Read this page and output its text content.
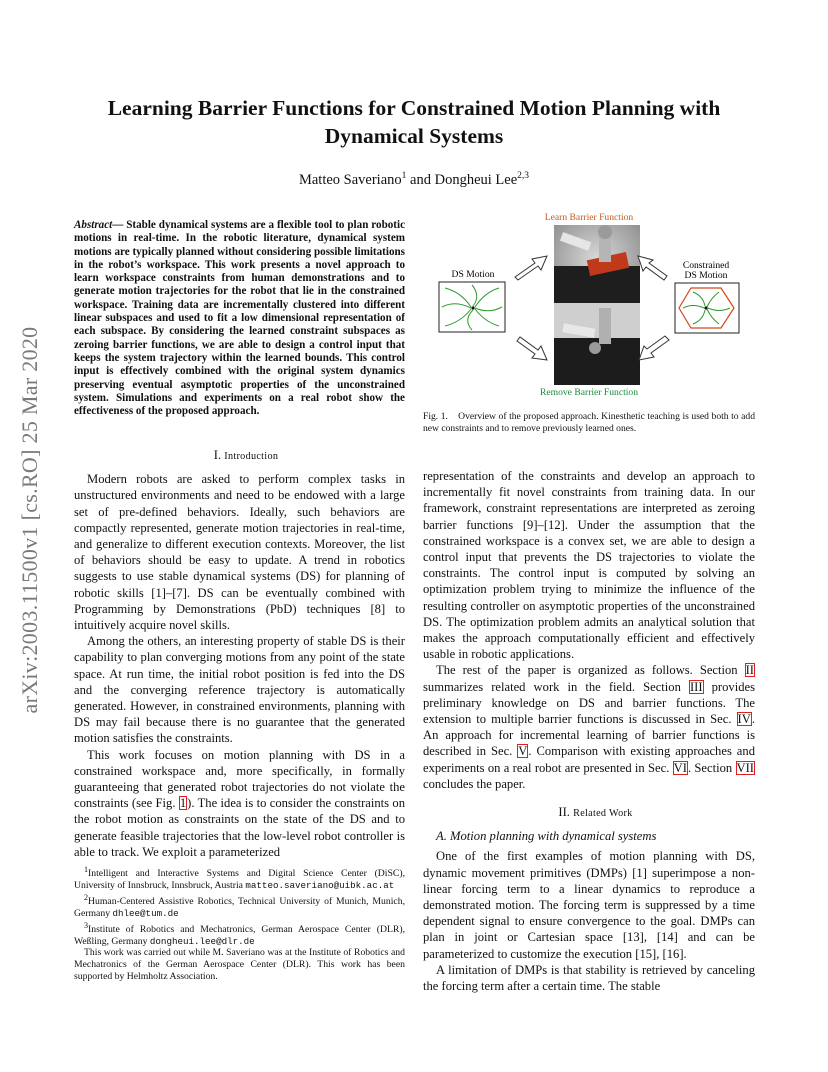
Learning Barrier Functions for Constrained Motion Planning with Dynamical Systems
Matteo Saveriano$^1$ and Dongheui Lee$^{2,3}$
arXiv:2003.11500v1 [cs.RO] 25 Mar 2020
Abstract— Stable dynamical systems are a flexible tool to plan robotic motions in real-time. In the robotic literature, dynamical system motions are typically planned without considering possible limitations in the robot’s workspace. This work presents a novel approach to learn workspace constraints from human demonstrations and to generate motion trajectories for the robot that lie in the constrained workspace. Training data are incrementally clustered into different linear subspaces and used to fit a low dimensional representation of each subspace. By considering the learned constraint subspaces as zeroing barrier functions, we are able to design a control input that keeps the system trajectory within the learned bounds. This control input is effectively combined with the original system dynamics preserving eventual asymptotic properties of the unconstrained system. Simulations and experiments on a real robot show the effectiveness of the proposed approach.
Learn Barrier Function
Remove Barrier Function
DS Motion
Constrained
DS Motion
Fig. 1. Overview of the proposed approach. Kinesthetic teaching is used both to add new constraints and to remove previously learned ones.

I. Introduction

Modern robots are asked to perform complex tasks in unstructured environments and need to be endowed with a large set of pre-defined behaviors. Ideally, such behaviors are compactly represented, generate motion trajectories in real-time, and generalize to different execution contexts. Moreover, the list of behaviors should be easy to update. A trend in robotics suggests to use stable dynamical systems (DS) for planning of robotic skills [1]–[7]. DS can be eventually combined with Programming by Demonstrations (PbD) techniques [8] to intuitively acquire novel skills.

Among the others, an interesting property of stable DS is their capability to plan converging motions from any point of the state space. At run time, the initial robot position is fed into the DS and the converging reference trajectory is automatically generated. However, in constrained environments, planning with DS may fail because there is no guarantee that the generated motion satisfies the constraints.

This work focuses on motion planning with DS in a constrained workspace and, more specifically, in formally guaranteeing that generated robot trajectories do not violate the constraints (see Fig. 1). The idea is to consider the constraints on the robot motion as constraints on the state of the DS and to generate feasible trajectories that the low-level robot controller is able to track. We exploit a parameterized

$^1$Intelligent and Interactive Systems and Digital Science Center (DiSC), University of Innsbruck, Innsbruck, Austria matteo.saveriano@uibk.ac.at

$^2$Human-Centered Assistive Robotics, Technical University of Munich, Munich, Germany dhlee@tum.de

$^3$Institute of Robotics and Mechatronics, German Aerospace Center (DLR), Weßling, Germany dongheui.lee@dlr.de

This work was carried out while M. Saveriano was at the Institute of Robotics and Mechatronics of the German Aerospace Center (DLR). This work has been supported by Helmholtz Association.

representation of the constraints and develop an approach to incrementally fit novel constraints from training data. In our framework, constraint representations are interpreted as zeroing barrier functions [9]–[12]. Under the assumption that the constrained workspace is a convex set, we are able to design a control input that prevents the DS trajectories to violate the constraints. The control input is computed by solving an optimization problem trying to minimize the influence of the resulting controller on asymptotic properties of the unconstrained DS. The optimization problem admits an analytical solution that makes the approach computationally efficient and effectively usable in robotic applications.

The rest of the paper is organized as follows. Section II summarizes related work in the field. Section III provides preliminary knowledge on DS and barrier functions. The extension to multiple barrier functions is discussed in Sec. IV. An approach for incremental learning of barrier functions is described in Sec. V. Comparison with existing approaches and experiments on a real robot are presented in Sec. VI. Section VII concludes the paper.

II. Related Work

A. Motion planning with dynamical systems

One of the first examples of motion planning with DS, dynamic movement primitives (DMPs) [1] superimpose a non-linear forcing term to a linear dynamics to reproduce a demonstrated motion. The forcing term is suppressed by a time dependent signal to ensure convergence to the goal. DMPs can plan in joint or Cartesian space [13], [14] and can be parameterized to customize the execution [15], [16].

A limitation of DMPs is that stability is retrieved by canceling the forcing term after a certain time. The stable
